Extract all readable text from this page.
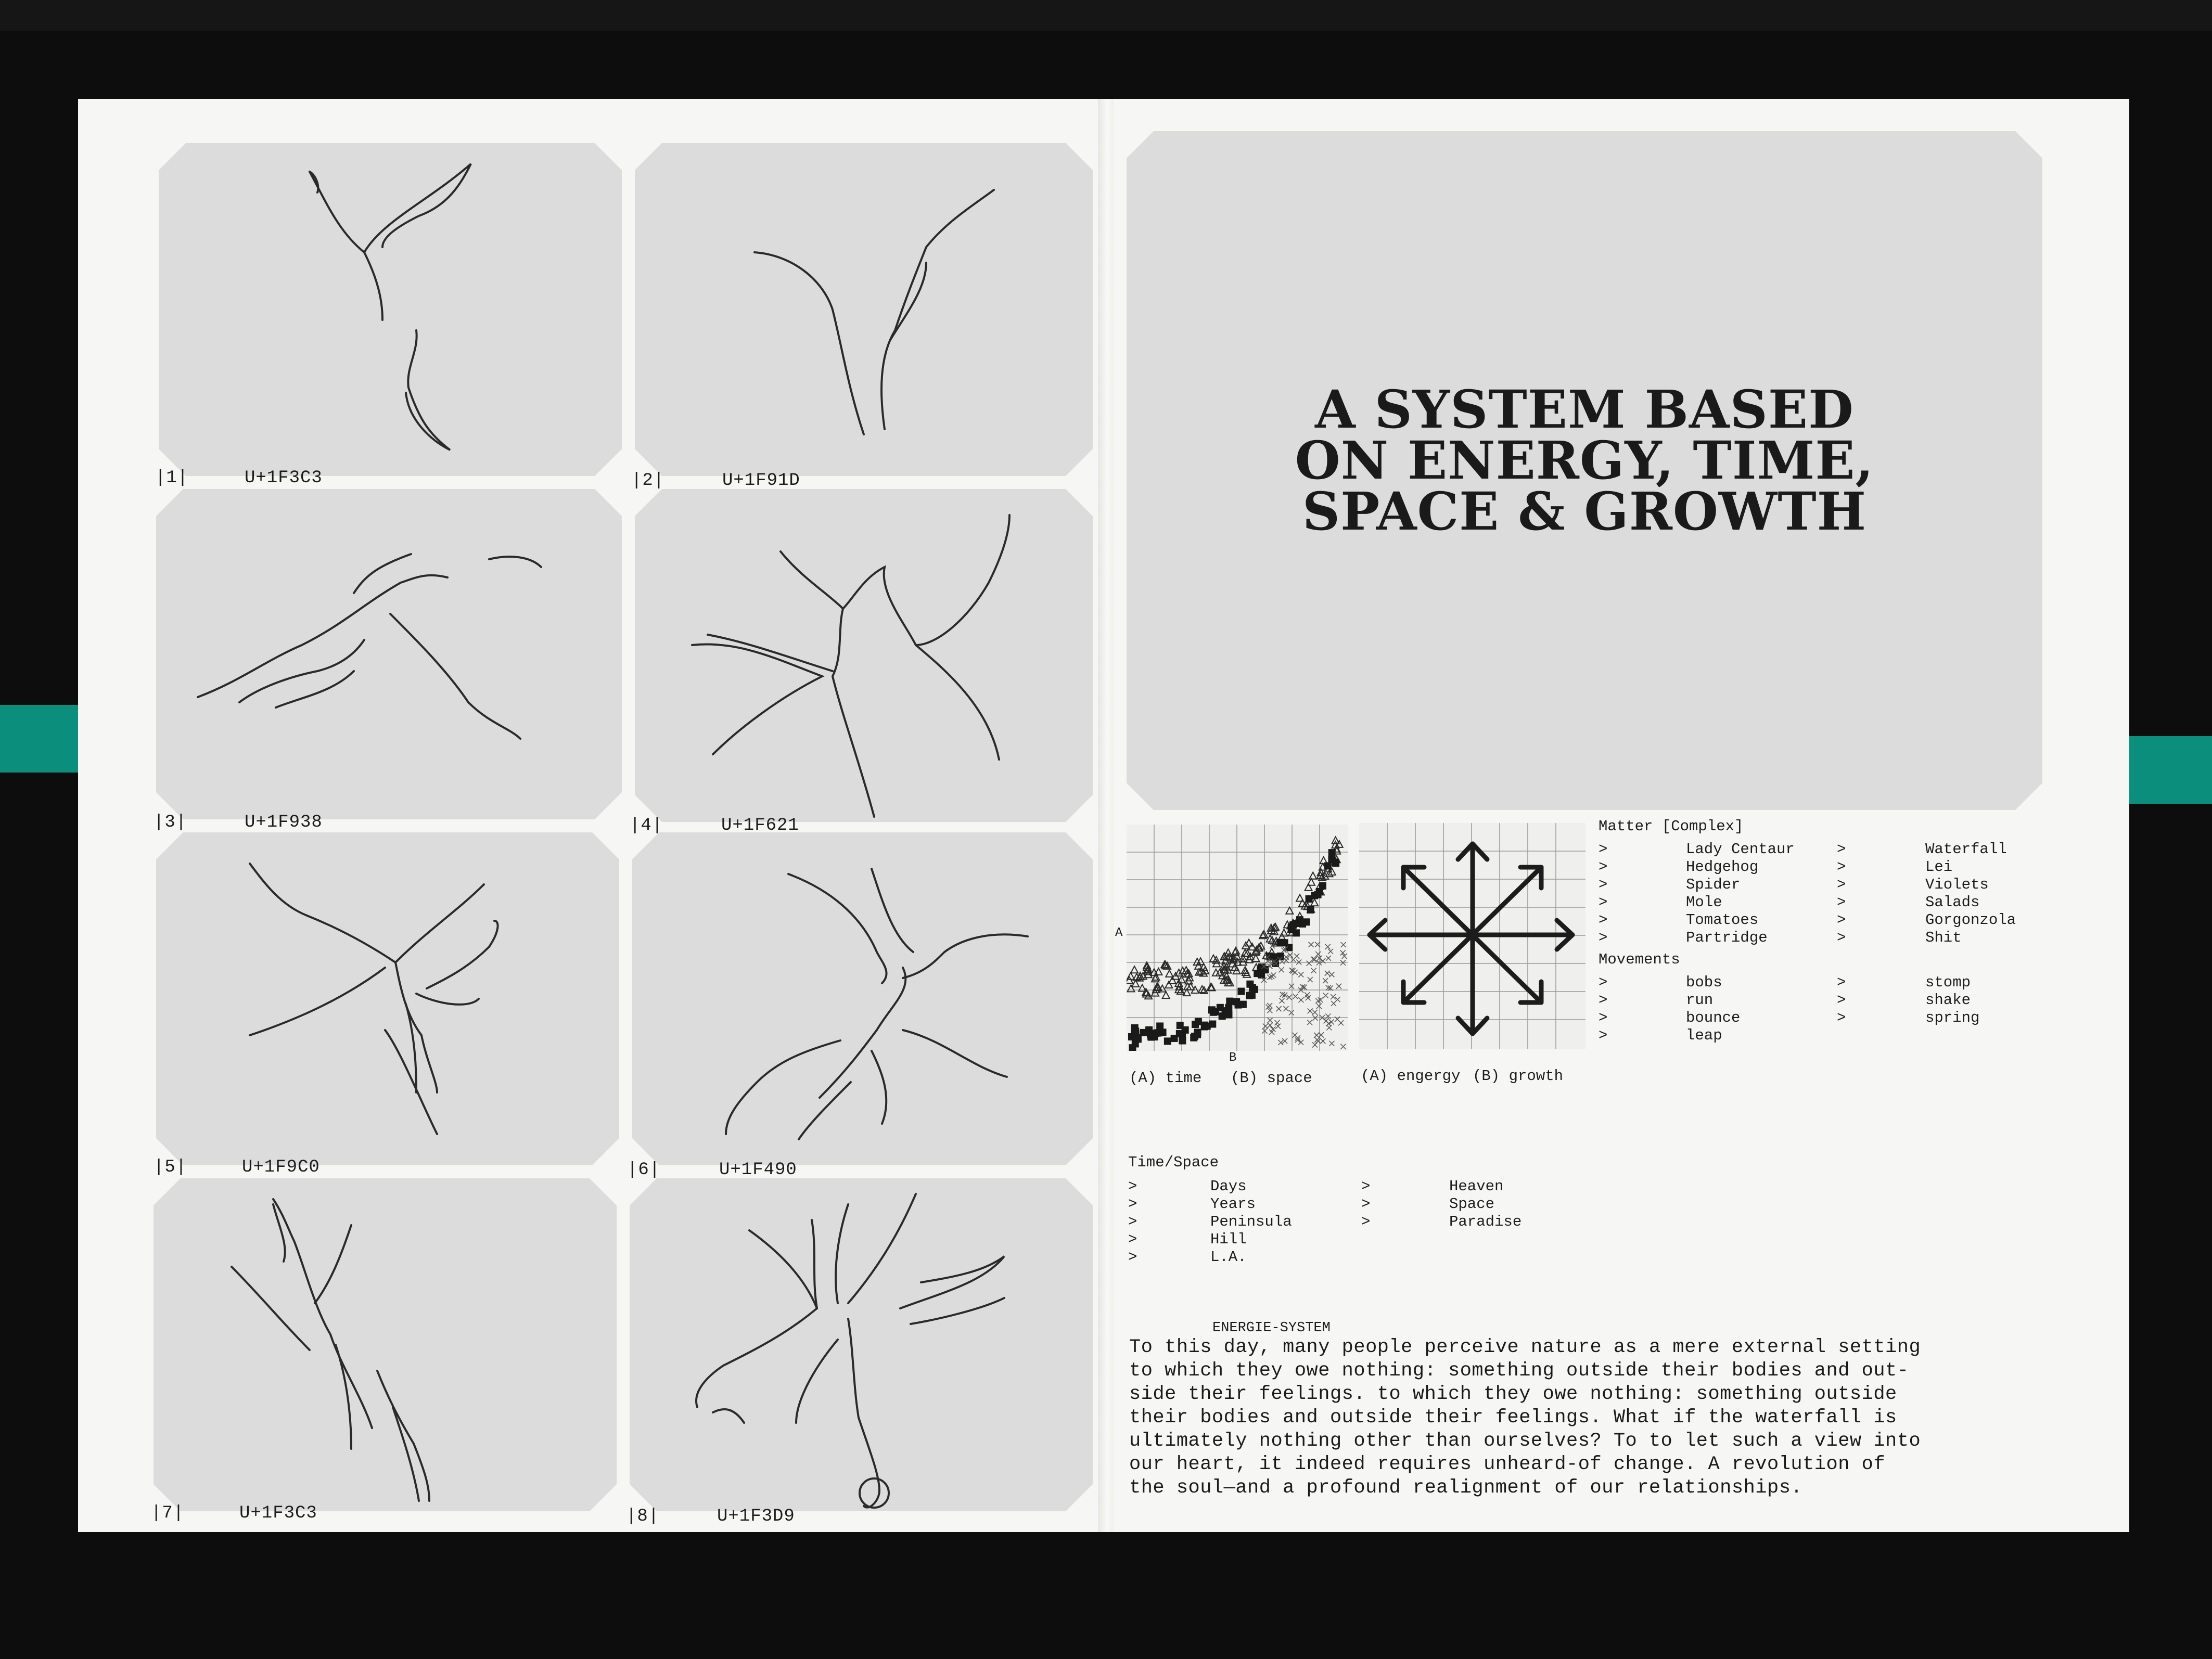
|1|	U+1F3C3	|2|	U+1F91D
|3|	U+1F938	|4|	U+1F621
|5|	U+1F9C0	|6|	U+1F490
|7|	U+1F3C3	|8|	U+1F3D9
A SYSTEM BASED
ON ENERGY, TIME,
SPACE & GROWTH
A
B
(A) time (B) space	(A) engergy (B) growth
Matter [Complex]
>	Lady Centaur	>	Waterfall
>	Hedgehog	>	Lei
>	Spider	>	Violets
>	Mole	>	Salads
>	Tomatoes	>	Gorgonzola
>	Partridge	>	Shit
Movements
>	bobs	>	stomp
>	run	>	shake
>	bounce	>	spring
>	leap
Time/Space
>	Days	>	Heaven
>	Years	>	Space
>	Peninsula	>	Paradise
>	Hill
>	L.A.
ENERGIE-SYSTEM
To this day, many people perceive nature as a mere external setting
to which they owe nothing: something outside their bodies and out-
side their feelings. to which they owe nothing: something outside
their bodies and outside their feelings. What if the waterfall is
ultimately nothing other than ourselves? To to let such a view into
our heart, it indeed requires unheard-of change. A revolution of
the soul—and a profound realignment of our relationships.
